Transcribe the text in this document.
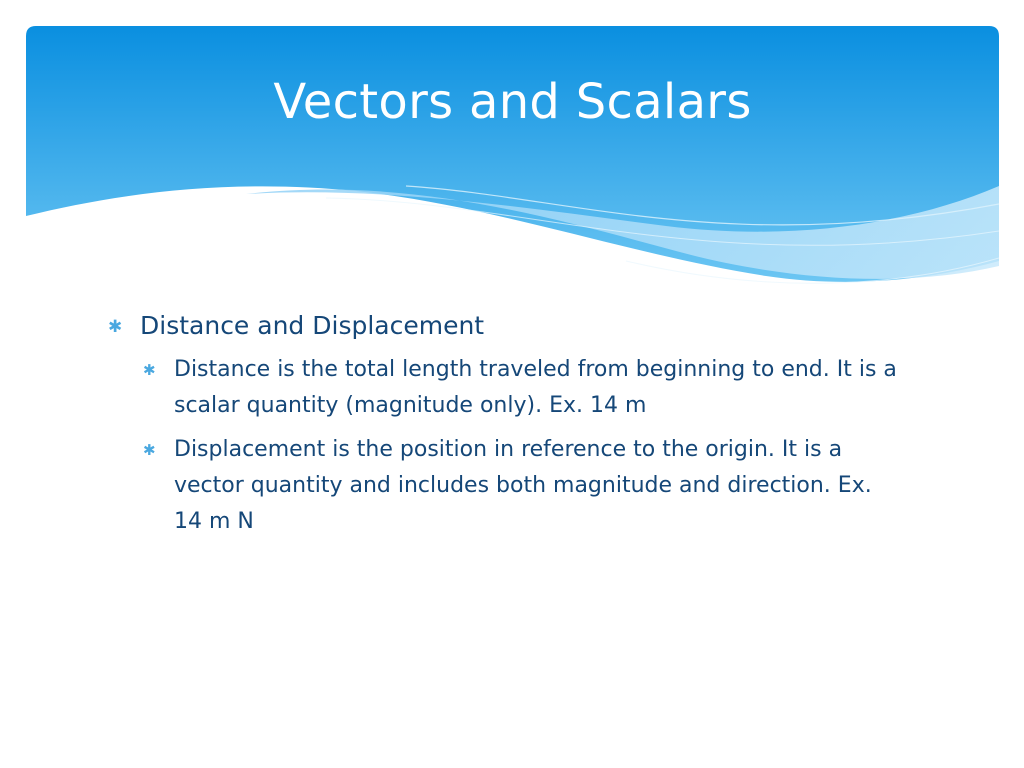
Vectors and Scalars
✱ Distance and Displacement
✱ Distance is the total length traveled from beginning to end. It is a scalar quantity (magnitude only). Ex. 14 m
✱ Displacement is the position in reference to the origin. It is a vector quantity and includes both magnitude and direction. Ex. 14 m N
